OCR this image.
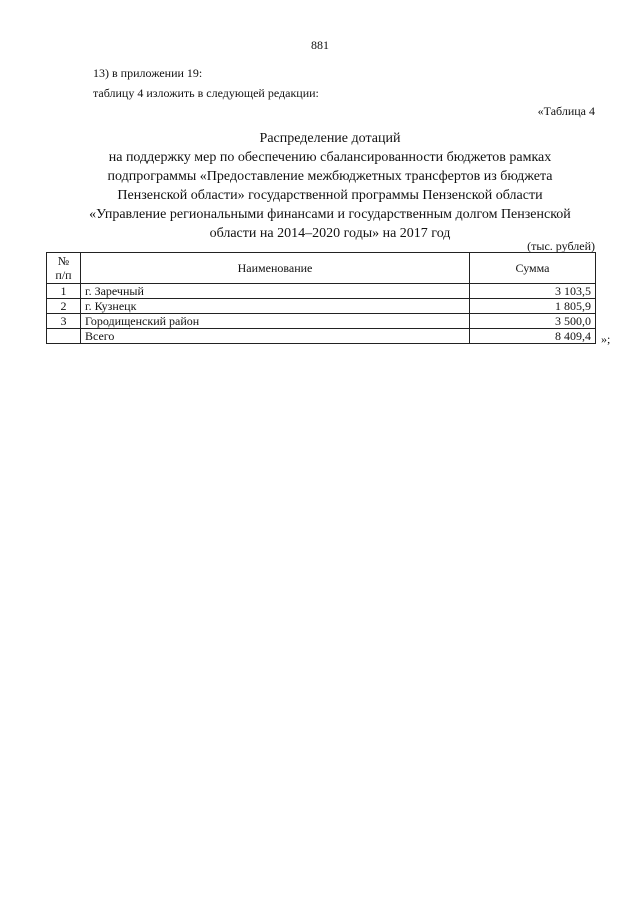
881
13) в приложении 19:
таблицу 4 изложить в следующей редакции:
«Таблица 4
Распределение дотаций
на поддержку мер по обеспечению сбалансированности бюджетов рамках
подпрограммы «Предоставление межбюджетных трансфертов из бюджета
Пензенской области» государственной программы Пензенской области
«Управление региональными финансами и государственным долгом Пензенской
области на 2014–2020 годы» на 2017 год
(тыс. рублей)
№
п/п	Наименование	Сумма
1	г. Заречный	3 103,5
2	г. Кузнецк	1 805,9
3	Городищенский район	3 500,0
	Всего	8 409,4 »;
